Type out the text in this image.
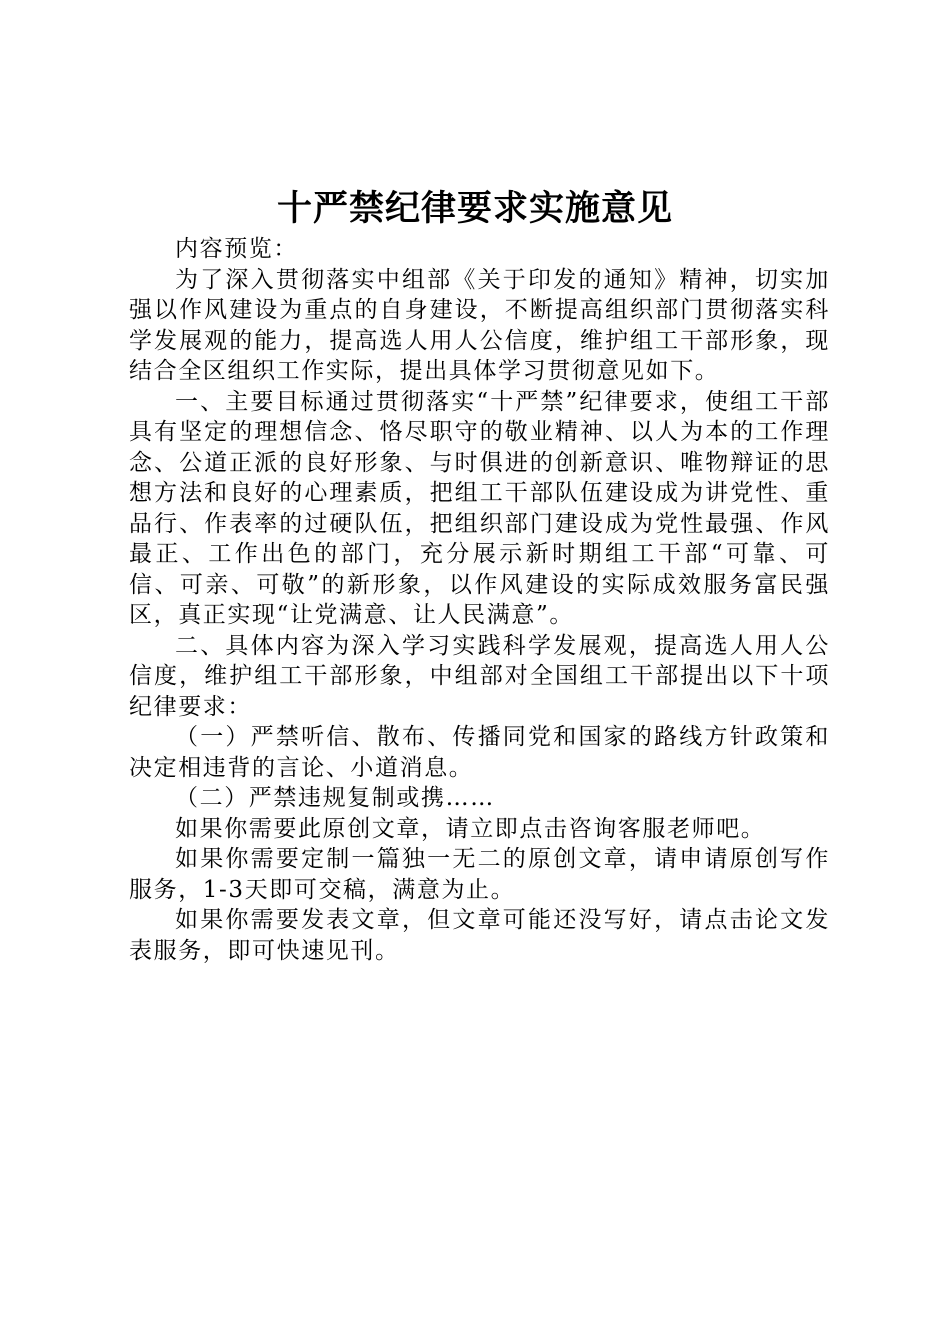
十严禁纪律要求实施意见

内容预览：

为了深入贯彻落实中组部《关于印发的通知》精神，切实加强以作风建设为重点的自身建设，不断提高组织部门贯彻落实科学发展观的能力，提高选人用人公信度，维护组工干部形象，现结合全区组织工作实际，提出具体学习贯彻意见如下。

一、主要目标通过贯彻落实“十严禁”纪律要求，使组工干部具有坚定的理想信念、恪尽职守的敬业精神、以人为本的工作理念、公道正派的良好形象、与时俱进的创新意识、唯物辩证的思想方法和良好的心理素质，把组工干部队伍建设成为讲党性、重品行、作表率的过硬队伍，把组织部门建设成为党性最强、作风最正、工作出色的部门，充分展示新时期组工干部“可靠、可信、可亲、可敬”的新形象，以作风建设的实际成效服务富民强区，真正实现“让党满意、让人民满意”。

二、具体内容为深入学习实践科学发展观，提高选人用人公信度，维护组工干部形象，中组部对全国组工干部提出以下十项纪律要求：

（一）严禁听信、散布、传播同党和国家的路线方针政策和决定相违背的言论、小道消息。

（二）严禁违规复制或携……

如果你需要此原创文章，请立即点击咨询客服老师吧。

如果你需要定制一篇独一无二的原创文章，请申请原创写作服务，1-3天即可交稿，满意为止。

如果你需要发表文章，但文章可能还没写好，请点击论文发表服务，即可快速见刊。
